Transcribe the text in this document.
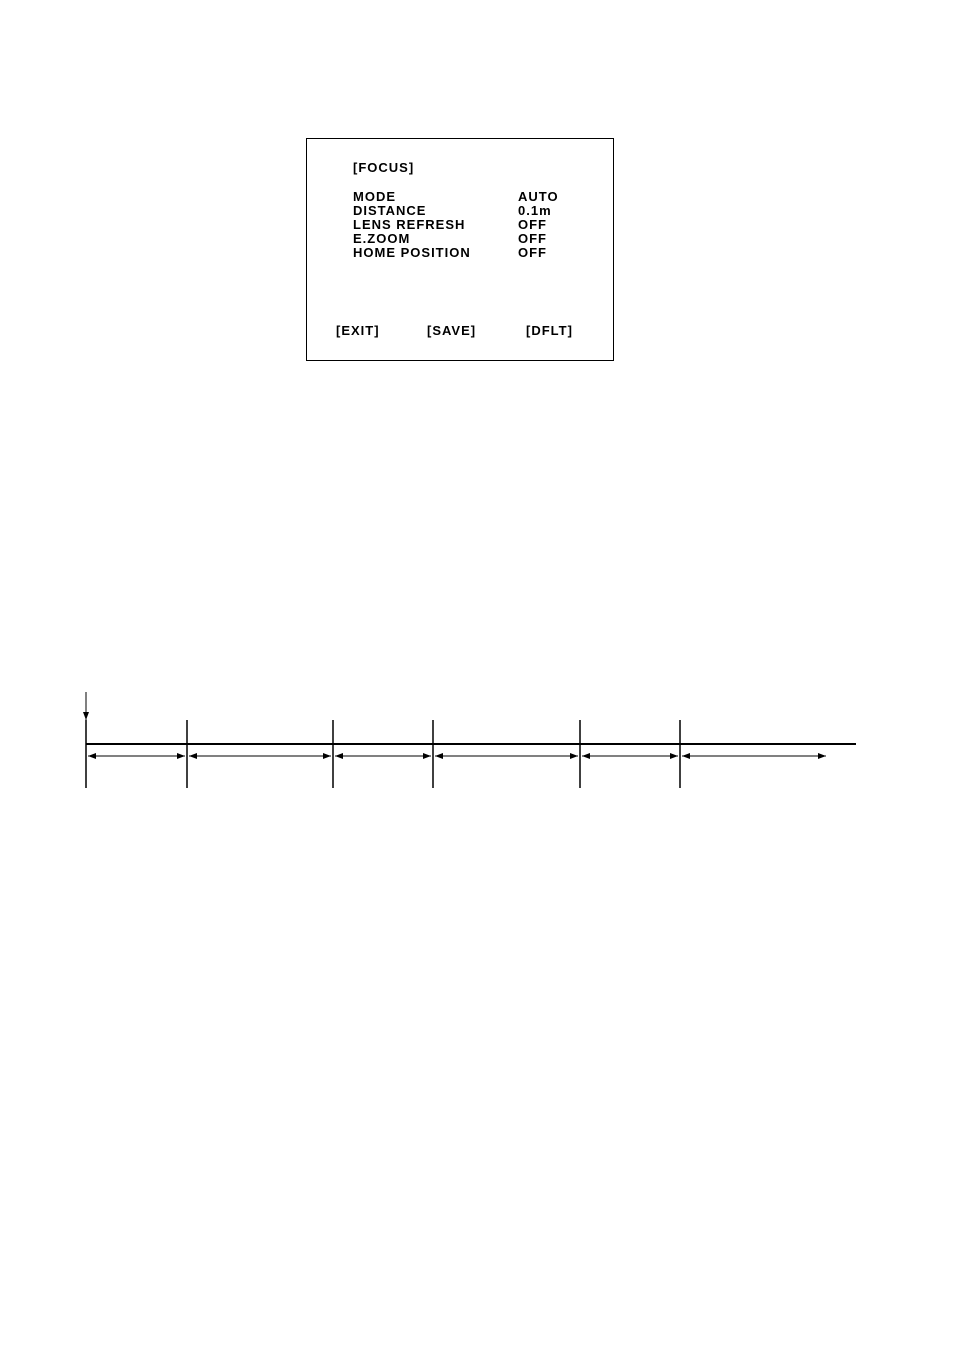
[FOCUS]
MODE	AUTO
DISTANCE	0.1m
LENS REFRESH	OFF
E.ZOOM	OFF
HOME POSITION	OFF
[EXIT]	[SAVE]	[DFLT]
